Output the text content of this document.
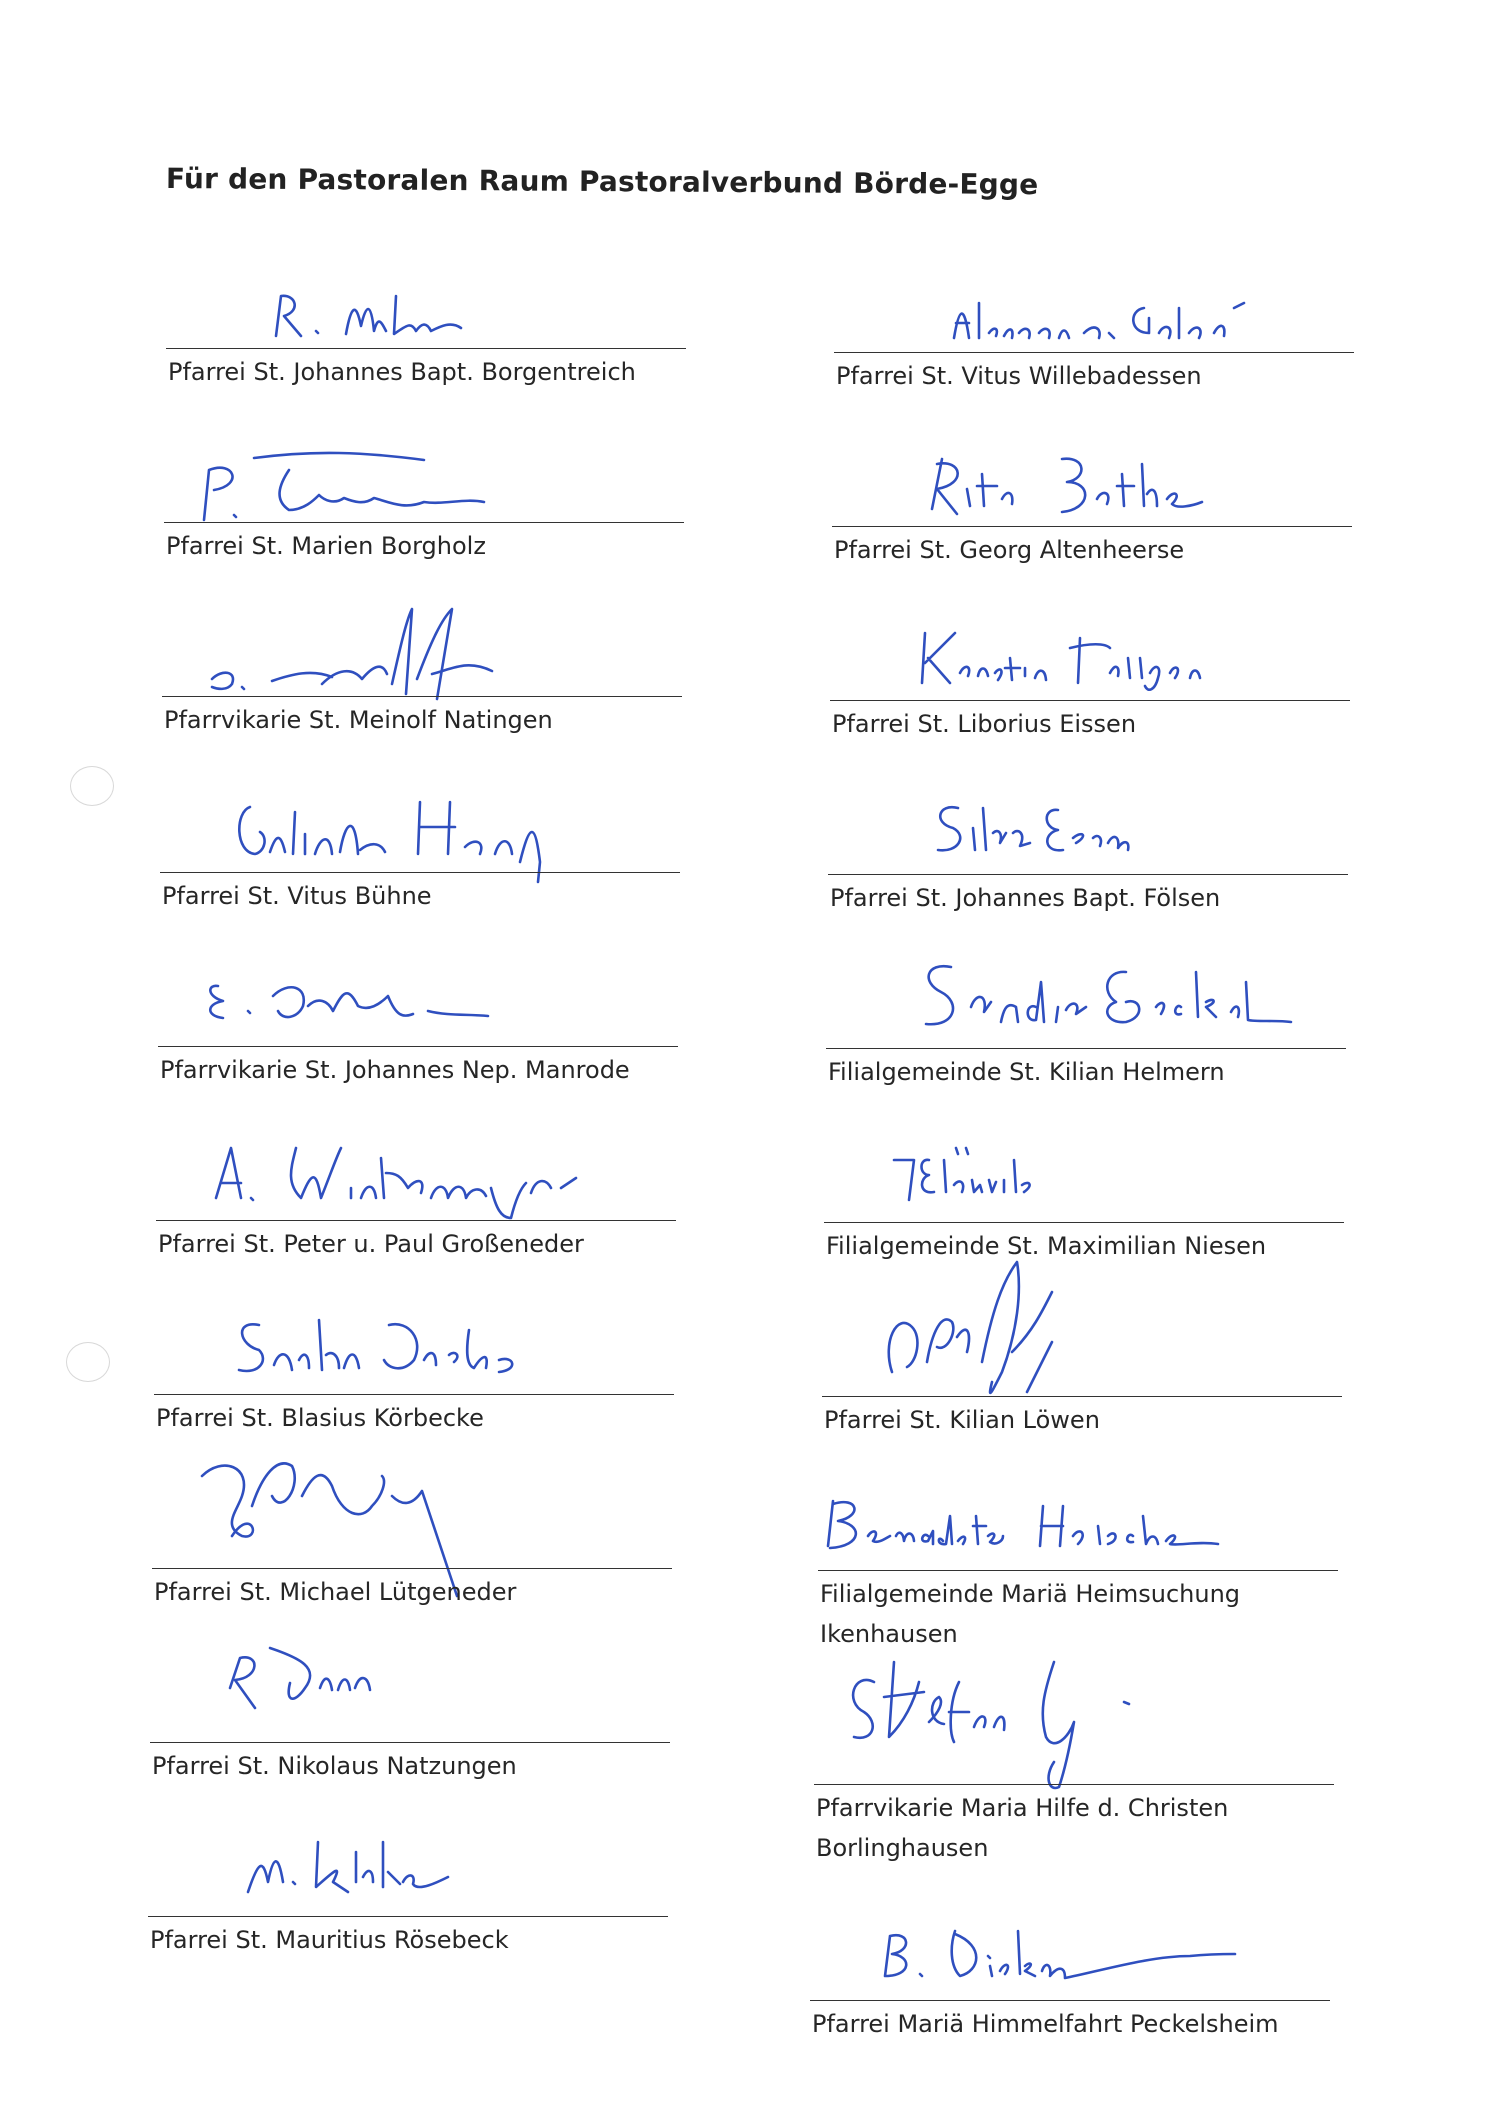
Für den Pastoralen Raum Pastoralverbund Börde-Egge
Pfarrei St. Johannes Bapt. Borgentreich
Pfarrei St. Marien Borgholz
Pfarrvikarie St. Meinolf Natingen
Pfarrei St. Vitus Bühne
Pfarrvikarie St. Johannes Nep. Manrode
Pfarrei St. Peter u. Paul Großeneder
Pfarrei St. Blasius Körbecke
Pfarrei St. Michael Lütgeneder
Pfarrei St. Nikolaus Natzungen
Pfarrei St. Mauritius Rösebeck
Pfarrei St. Vitus Willebadessen
Pfarrei St. Georg Altenheerse
Pfarrei St. Liborius Eissen
Pfarrei St. Johannes Bapt. Fölsen
Filialgemeinde St. Kilian Helmern
Filialgemeinde St. Maximilian Niesen
Pfarrei St. Kilian Löwen
Filialgemeinde Mariä Heimsuchung
Ikenhausen
Pfarrvikarie Maria Hilfe d. Christen
Borlinghausen
Pfarrei Mariä Himmelfahrt Peckelsheim
